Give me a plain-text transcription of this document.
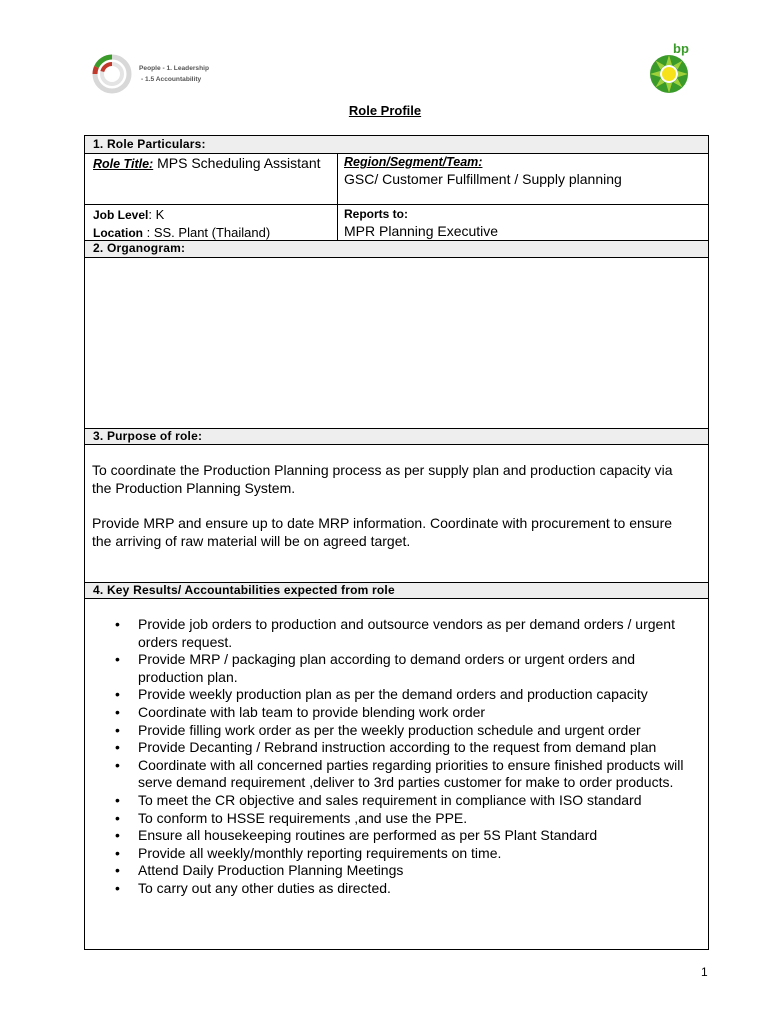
People - 1. Leadership
- 1.5 Accountability
bp
Role Profile
1. Role Particulars:
Role Title: MPS Scheduling Assistant	Region/Segment/Team:
GSC/ Customer Fulfillment / Supply planning
Job Level: K
Location : SS. Plant (Thailand)
Reports to:
MPR Planning Executive
2. Organogram:
3. Purpose of role:
To coordinate the Production Planning process as per supply plan and production capacity via the Production Planning System.
Provide MRP and ensure up to date MRP information. Coordinate with procurement to ensure the arriving of raw material will be on agreed target.
4. Key Results/ Accountabilities expected from role
• Provide job orders to production and outsource vendors as per demand orders / urgent orders request.
• Provide MRP / packaging plan according to demand orders or urgent orders and production plan.
• Provide weekly production plan as per the demand orders and production capacity
• Coordinate with lab team to provide blending work order
• Provide filling work order as per the weekly production schedule and urgent order
• Provide Decanting / Rebrand instruction according to the request from demand plan
• Coordinate with all concerned parties regarding priorities to ensure finished products will serve demand requirement ,deliver to 3rd parties customer for make to order products.
• To meet the CR objective and sales requirement in compliance with ISO standard
• To conform to HSSE requirements ,and use the PPE.
• Ensure all housekeeping routines are performed as per 5S Plant Standard
• Provide all weekly/monthly reporting requirements on time.
• Attend Daily Production Planning Meetings
• To carry out any other duties as directed.
1
